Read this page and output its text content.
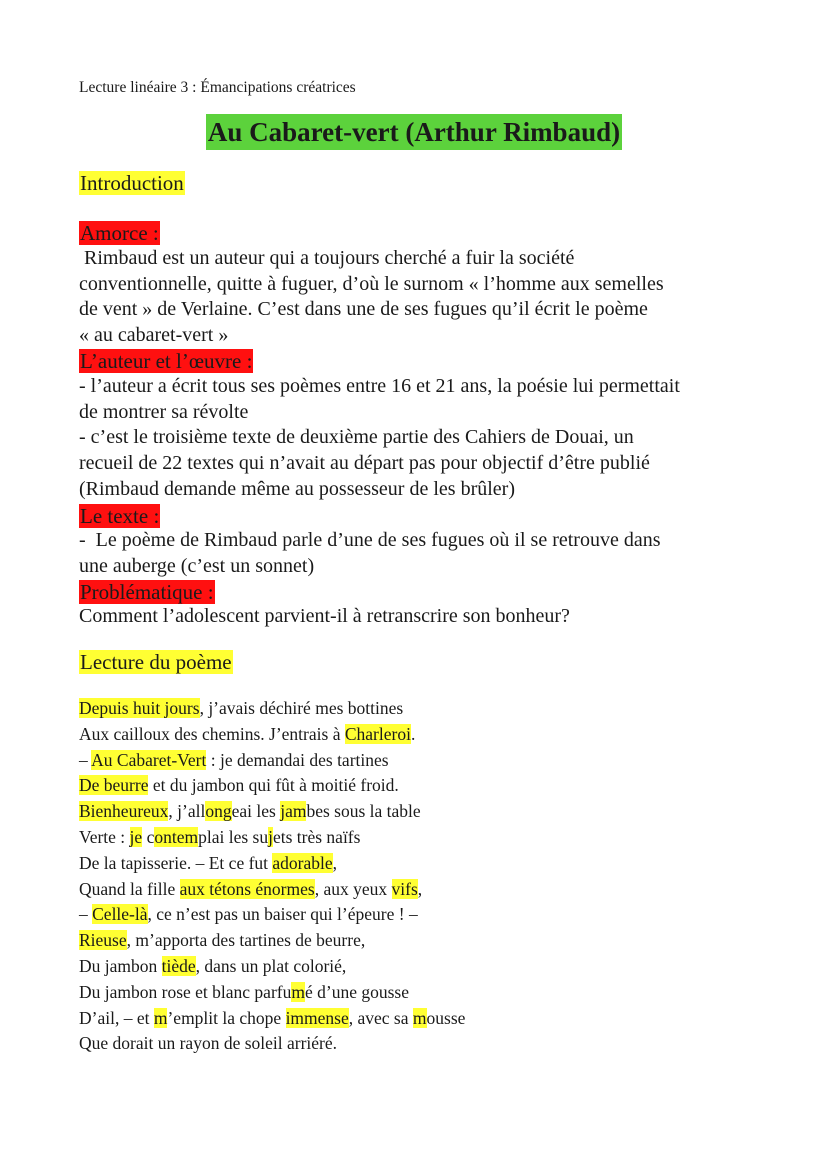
Lecture linéaire 3 : Émancipations créatrices
Au Cabaret-vert (Arthur Rimbaud)
Introduction
Amorce :
Rimbaud est un auteur qui a toujours cherché a fuir la société
conventionnelle, quitte à fuguer, d’où le surnom « l’homme aux semelles
de vent » de Verlaine. C’est dans une de ses fugues qu’il écrit le poème
« au cabaret-vert »
L’auteur et l’œuvre :
- l’auteur a écrit tous ses poèmes entre 16 et 21 ans, la poésie lui permettait
de montrer sa révolte
- c’est le troisième texte de deuxième partie des Cahiers de Douai, un
recueil de 22 textes qui n’avait au départ pas pour objectif d’être publié
(Rimbaud demande même au possesseur de les brûler)
Le texte :
-  Le poème de Rimbaud parle d’une de ses fugues où il se retrouve dans
une auberge (c’est un sonnet)
Problématique :
Comment l’adolescent parvient-il à retranscrire son bonheur?
Lecture du poème
Depuis huit jours, j’avais déchiré mes bottines
Aux cailloux des chemins. J’entrais à Charleroi.
– Au Cabaret-Vert : je demandai des tartines
De beurre et du jambon qui fût à moitié froid.
Bienheureux, j’allongeai les jambes sous la table
Verte : je contemplai les sujets très naïfs
De la tapisserie. – Et ce fut adorable,
Quand la fille aux tétons énormes, aux yeux vifs,
– Celle-là, ce n’est pas un baiser qui l’épeure ! –
Rieuse, m’apporta des tartines de beurre,
Du jambon tiède, dans un plat colorié,
Du jambon rose et blanc parfumé d’une gousse
D’ail, – et m’emplit la chope immense, avec sa mousse
Que dorait un rayon de soleil arriéré.
